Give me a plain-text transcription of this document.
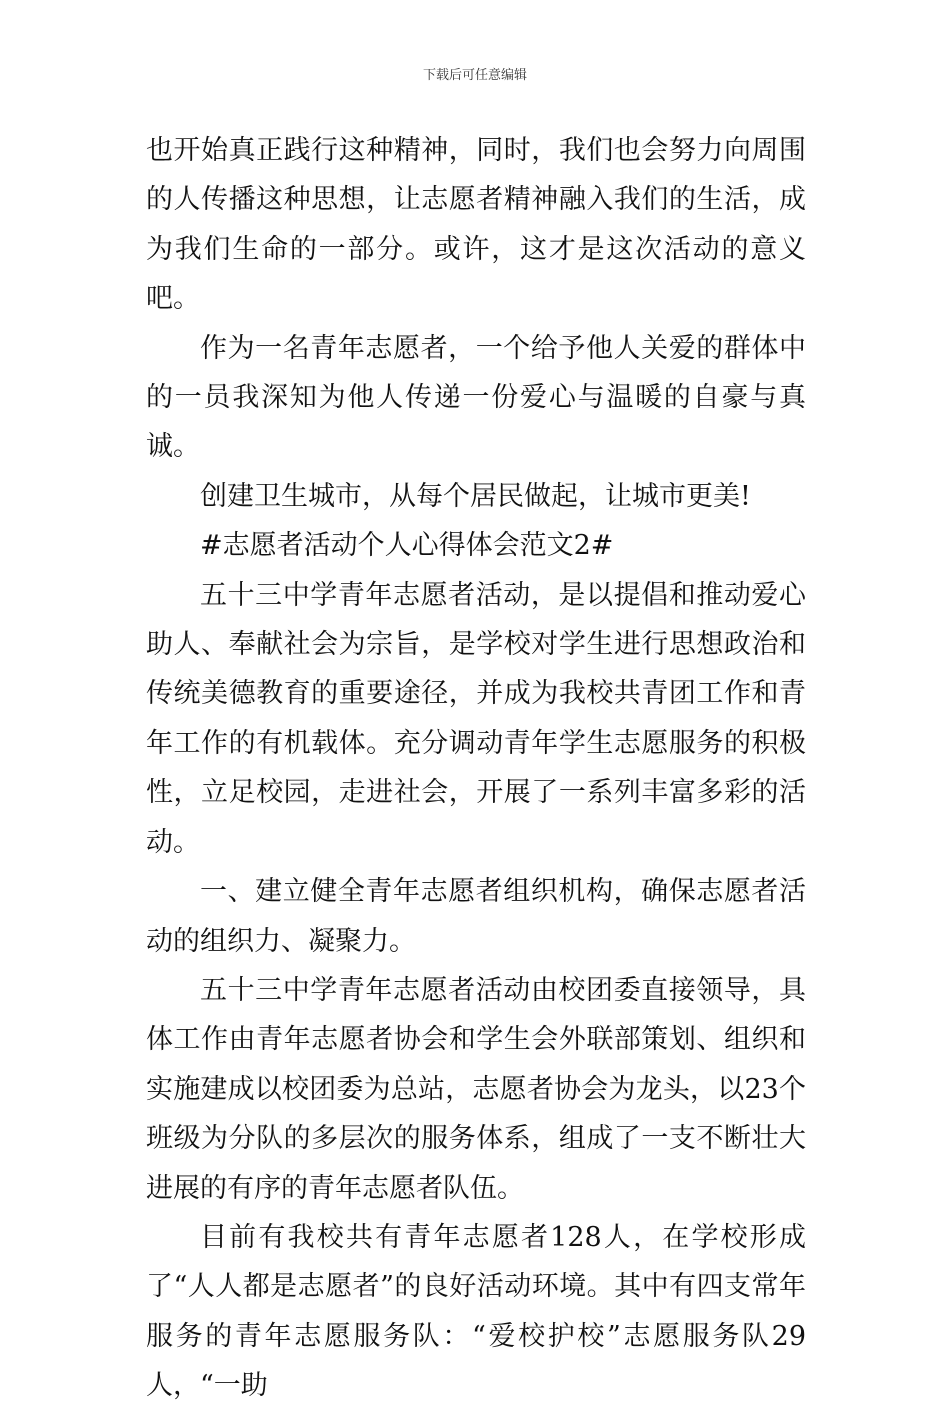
下载后可任意编辑

也开始真正践行这种精神，同时，我们也会努力向周围的人传播这种思想，让志愿者精神融入我们的生活，成为我们生命的一部分。或许，这才是这次活动的意义吧。

作为一名青年志愿者，一个给予他人关爱的群体中的一员我深知为他人传递一份爱心与温暖的自豪与真诚。

创建卫生城市，从每个居民做起，让城市更美!

#志愿者活动个人心得体会范文2#

五十三中学青年志愿者活动，是以提倡和推动爱心助人、奉献社会为宗旨，是学校对学生进行思想政治和传统美德教育的重要途径，并成为我校共青团工作和青年工作的有机载体。充分调动青年学生志愿服务的积极性，立足校园，走进社会，开展了一系列丰富多彩的活动。

一、建立健全青年志愿者组织机构，确保志愿者活动的组织力、凝聚力。

五十三中学青年志愿者活动由校团委直接领导，具体工作由青年志愿者协会和学生会外联部策划、组织和实施建成以校团委为总站，志愿者协会为龙头，以23个班级为分队的多层次的服务体系，组成了一支不断壮大进展的有序的青年志愿者队伍。

目前有我校共有青年志愿者128人，在学校形成了“人人都是志愿者”的良好活动环境。其中有四支常年服务的青年志愿服务队：“爱校护校”志愿服务队29人，“一助
